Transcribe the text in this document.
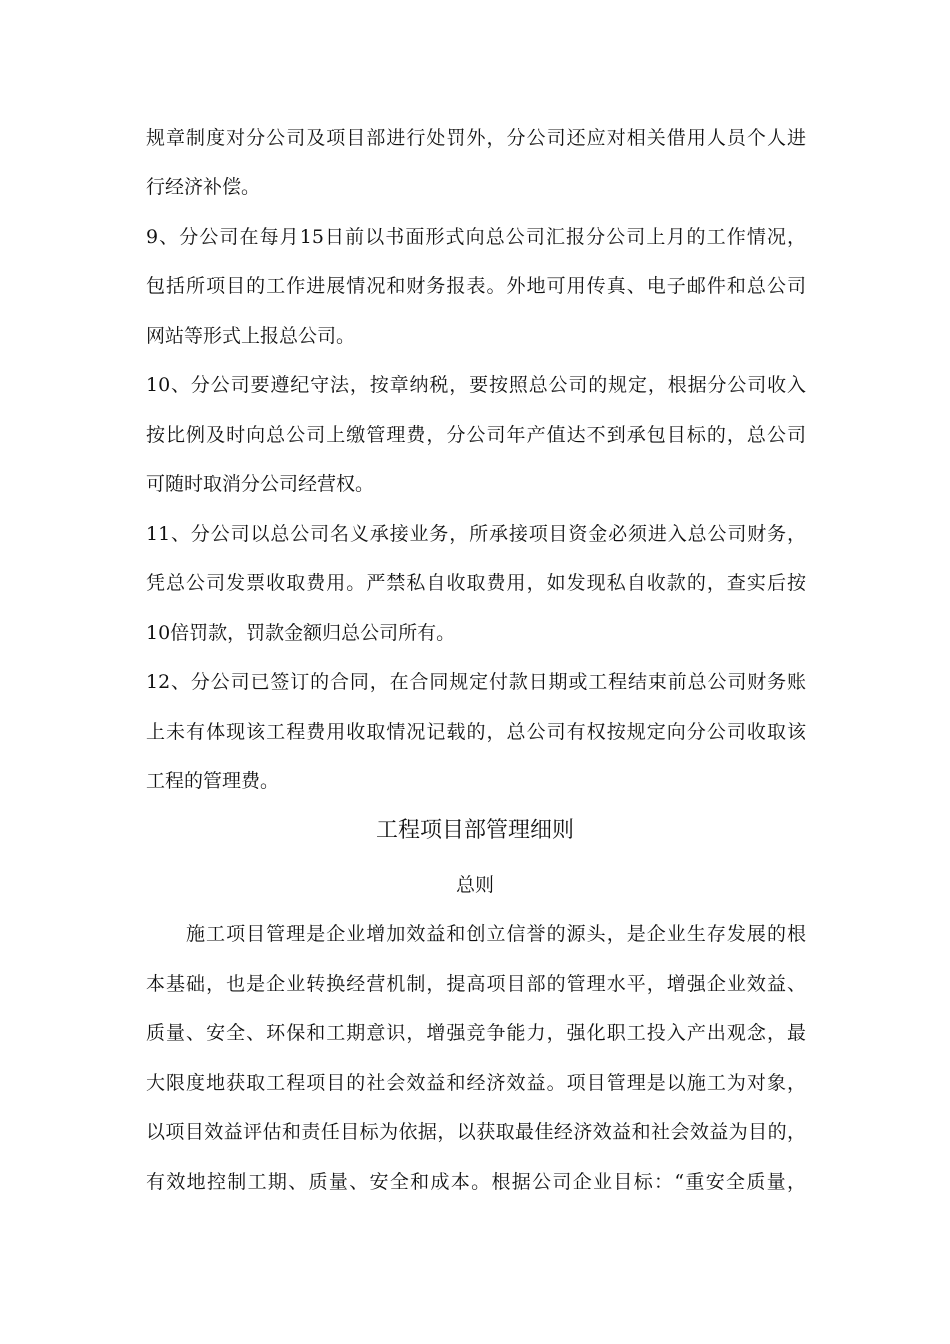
规章制度对分公司及项目部进行处罚外，分公司还应对相关借用人员个人进
行经济补偿。
9、分公司在每月15日前以书面形式向总公司汇报分公司上月的工作情况，
包括所项目的工作进展情况和财务报表。外地可用传真、电子邮件和总公司
网站等形式上报总公司。
10、分公司要遵纪守法，按章纳税，要按照总公司的规定，根据分公司收入
按比例及时向总公司上缴管理费，分公司年产值达不到承包目标的，总公司
可随时取消分公司经营权。
11、分公司以总公司名义承接业务，所承接项目资金必须进入总公司财务，
凭总公司发票收取费用。严禁私自收取费用，如发现私自收款的，查实后按
10倍罚款，罚款金额归总公司所有。
12、分公司已签订的合同，在合同规定付款日期或工程结束前总公司财务账
上未有体现该工程费用收取情况记载的，总公司有权按规定向分公司收取该
工程的管理费。
工程项目部管理细则
总则
施工项目管理是企业增加效益和创立信誉的源头，是企业生存发展的根
本基础，也是企业转换经营机制，提高项目部的管理水平，增强企业效益、
质量、安全、环保和工期意识，增强竞争能力，强化职工投入产出观念，最
大限度地获取工程项目的社会效益和经济效益。项目管理是以施工为对象，
以项目效益评估和责任目标为依据，以获取最佳经济效益和社会效益为目的，
有效地控制工期、质量、安全和成本。根据公司企业目标：“重安全质量，
